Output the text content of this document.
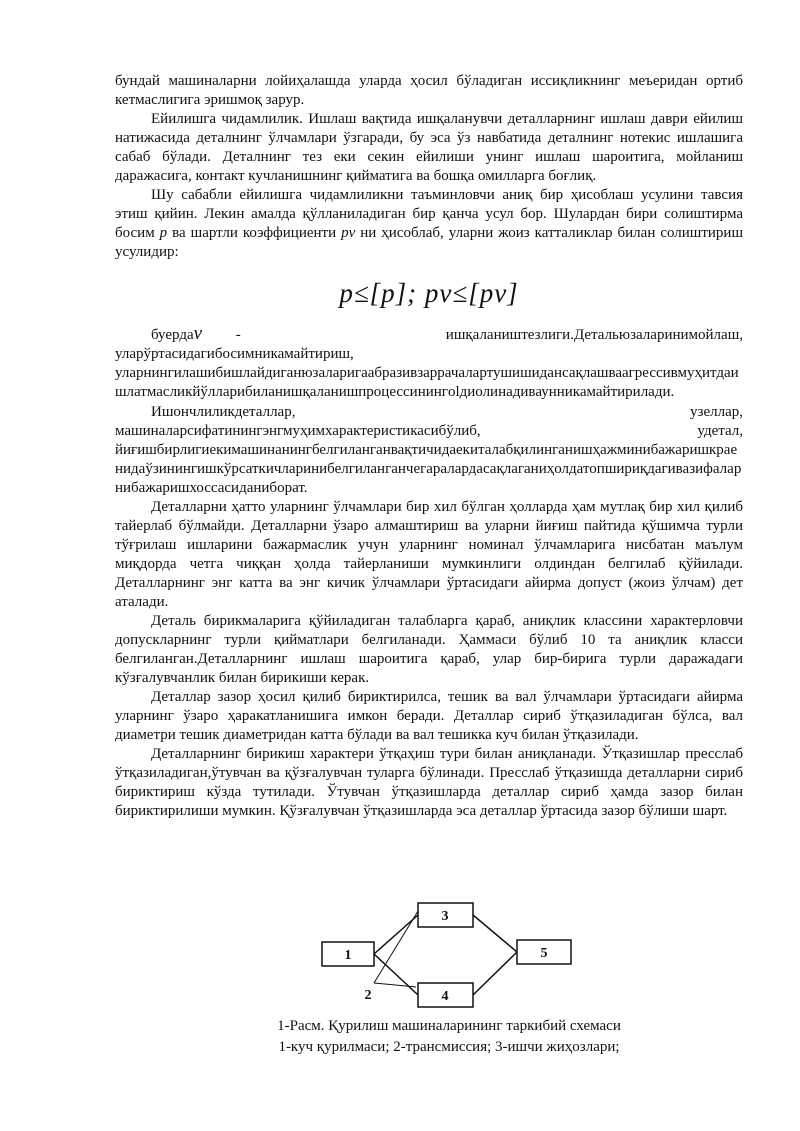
бундай машиналарни лойиҳалашда уларда ҳосил бўладиган иссиқликнинг меъеридан ортиб кетмаслигига эришмоқ зарур.

Ейилишга чидамлилик. Ишлаш вақтида ишқаланувчи деталларнинг ишлаш даври ейилиш натижасида деталнинг ўлчамлари ўзгаради, бу эса ўз навбатида деталнинг нотекис ишлашига сабаб бўлади. Деталнинг тез еки секин ейилиши унинг ишлаш шароитига, мойланиш даражасига, контакт кучланишнинг қийматига ва бошқа омилларга боғлиқ.

Шу сабабли ейилишга чидамлиликни таъминловчи аниқ бир ҳисоблаш усулини тавсия этиш қийин. Лекин амалда қўлланиладиган бир қанча усул бор. Шулардан бири солиштирма босим p ва шартли коэффициенти pv ни ҳисоблаб, уларни жоиз катталиклар билан солиштириш усулидир:

p≤[p]; pv≤[pv]

буердаv -	ишқалаништезлиги.Детальюзаларинимойлаш, уларўртасидагибосимникамайтириш,

уларнингилашибишлайдиганюзаларигаабразивзаррачалартушишидансақлашваагрессивмуҳитдаишлатмасликйўлларибиланишқаланишпроцессинингolдиолинадиваунникамайтирилади.

Ишончлиликдеталлар,	узеллар,
машиналарсифатинингэнгмуҳимхарактеристикасибўлиб,	удетал,

йиғишбирлигиекимашинанингбелгиланганвақтичидаекиталабқилинганишҳажминибажаришкраенидаўзинингишкўрсаткичларинибелгиланганчегаралардасақлаганиҳолдатопшириқдагивазифаларнибажаришхоссасиданиборат.

Деталларни ҳатто уларнинг ўлчамлари бир хил бўлган ҳолларда ҳам мутлақ бир хил қилиб тайерлаб бўлмайди. Деталларни ўзаро алмаштириш ва уларни йиғиш пайтида қўшимча турли тўғрилаш ишларини бажармаслик учун уларнинг номинал ўлчамларига нисбатан маълум миқдорда четга чиққан ҳолда тайерланиши мумкинлиги олдиндан белгилаб қўйилади. Деталларнинг энг катта ва энг кичик ўлчамлари ўртасидаги айирма допуст (жоиз ўлчам) дет аталади.

Деталь бирикмаларига қўйиладиган талабларга қараб, аниқлик классини характерловчи допускларнинг турли қийматлари белгиланади. Ҳаммаси бўлиб 10 та аниқлик класси белгиланган.Деталларнинг ишлаш шароитига қараб, улар бир-бирига турли даражадаги кўзғалувчанлик билан бирикиши керак.

Деталлар зазор ҳосил қилиб бириктирилса, тешик ва вал ўлчамлари ўртасидаги айирма уларнинг ўзаро ҳаракатланишига имкон беради. Деталлар сириб ўтқазиладиган бўлса, вал диаметри тешик диаметридан катта бўлади ва вал тешикка куч билан ўтқазилади.

Деталларнинг бирикиш характери ўтқаҳиш тури билан аниқланади. Ўтқазишлар пресслаб ўтқазиладиган,ўтувчан ва қўзғалувчан туларга бўлинади. Пресслаб ўтқазишда деталларни сириб бириктириш кўзда тутилади. Ўтувчан ўтқазишларда деталлар сириб ҳамда зазор билан бириктирилиши мумкин. Қўзғалувчан ўтқазишларда эса деталлар ўртасида зазор бўлиши шарт.

1
3
4
5
2
1-Расм. Қурилиш машиналарининг таркибий схемаси
1-куч қурилмаси; 2-трансмиссия; 3-ишчи жиҳозлари;
